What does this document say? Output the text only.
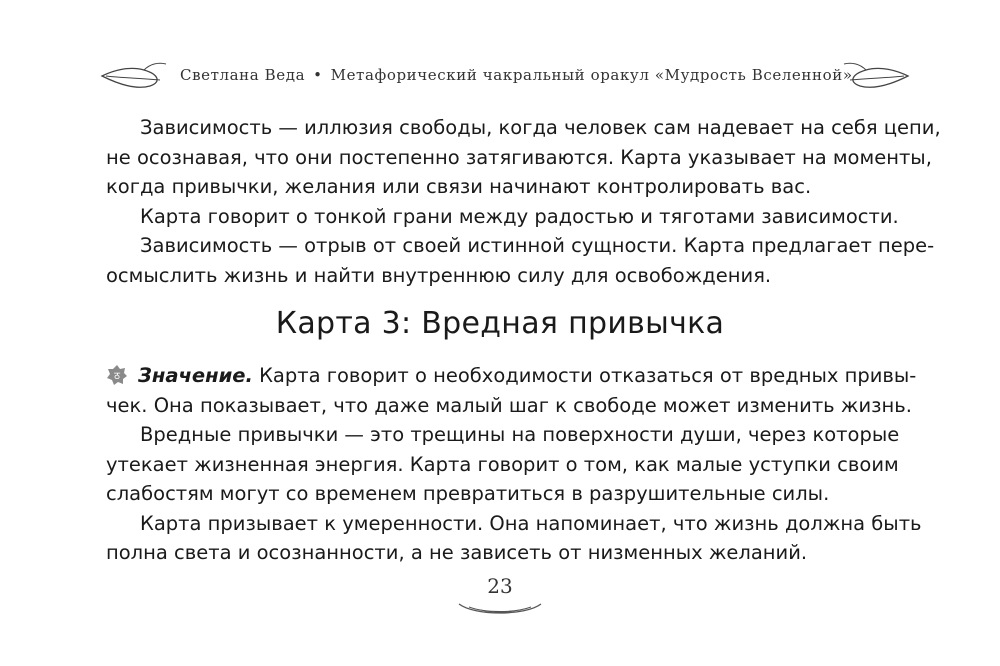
Светлана Веда • Метафорический чакральный оракул «Мудрость Вселенной»

Зависимость — иллюзия свободы, когда человек сам надевает на себя цепи,
не осознавая, что они постепенно затягиваются. Карта указывает на моменты,
когда привычки, желания или связи начинают контролировать вас.

Карта говорит о тонкой грани между радостью и тяготами зависимости.

Зависимость — отрыв от своей истинной сущности. Карта предлагает пере-
осмыслить жизнь и найти внутреннюю силу для освобождения.

Карта 3: Вредная привычка

ठ Значение. Карта говорит о необходимости отказаться от вредных привы-
чек. Она показывает, что даже малый шаг к свободе может изменить жизнь.

Вредные привычки — это трещины на поверхности души, через которые
утекает жизненная энергия. Карта говорит о том, как малые уступки своим
слабостям могут со временем превратиться в разрушительные силы.

Карта призывает к умеренности. Она напоминает, что жизнь должна быть
полна света и осознанности, а не зависеть от низменных желаний.

23
